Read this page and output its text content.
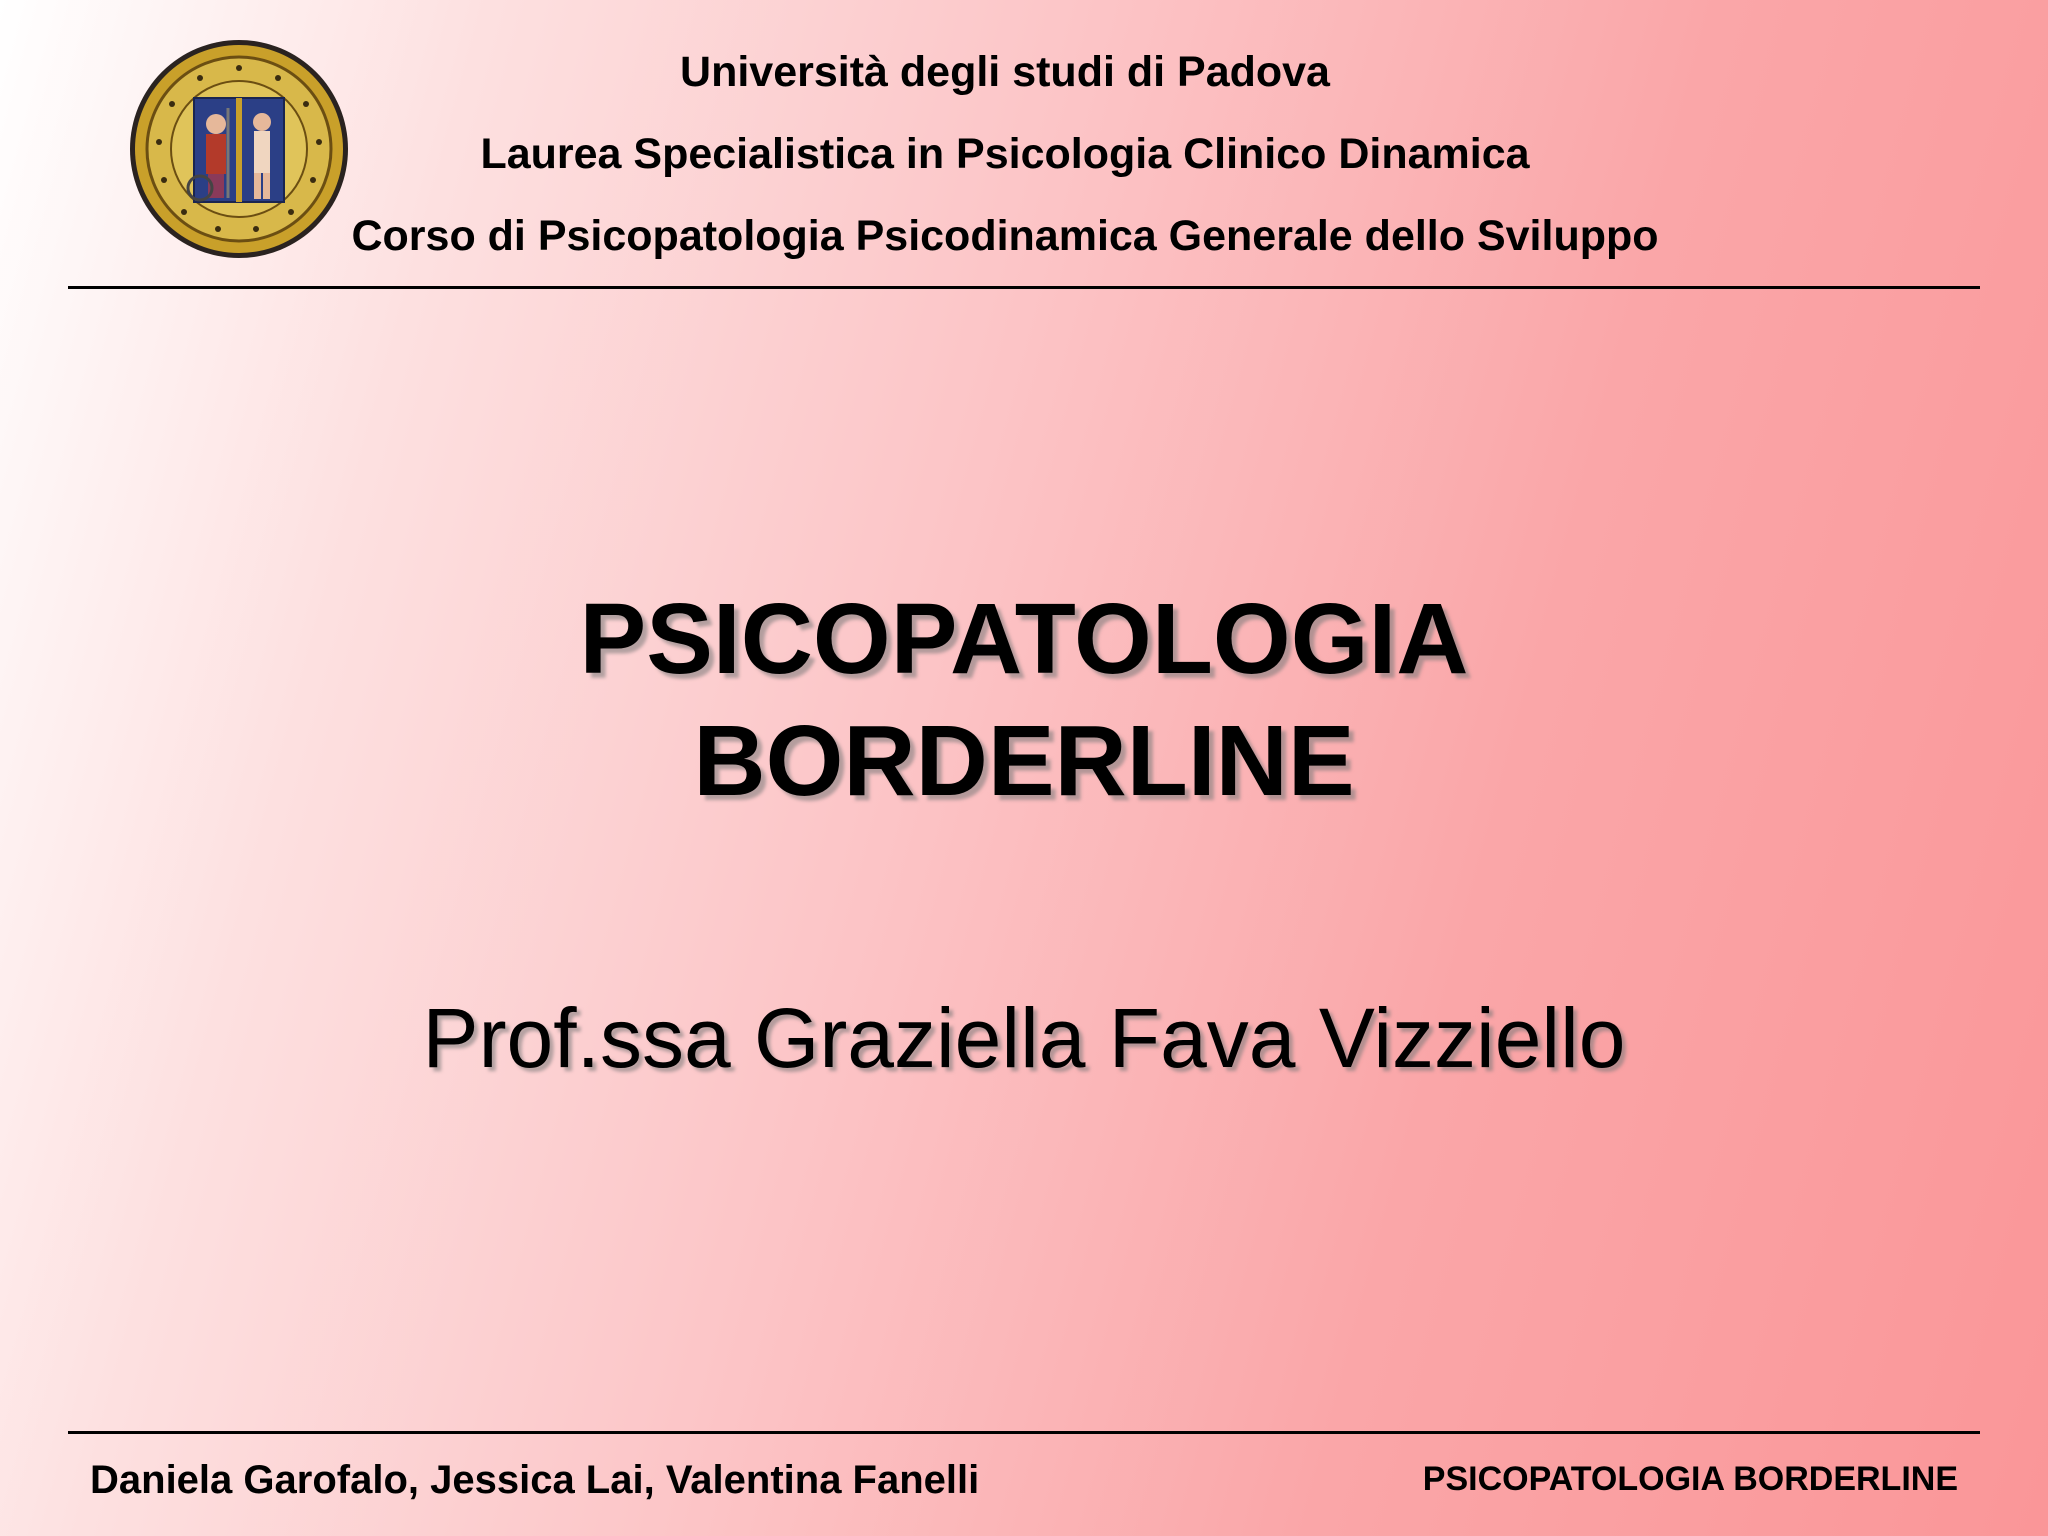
Università degli studi di Padova
Laurea Specialistica in Psicologia Clinico Dinamica
Corso di Psicopatologia Psicodinamica Generale dello Sviluppo
PSICOPATOLOGIA
BORDERLINE
Prof.ssa Graziella Fava Vizziello
Daniela Garofalo, Jessica Lai, Valentina Fanelli	PSICOPATOLOGIA BORDERLINE
